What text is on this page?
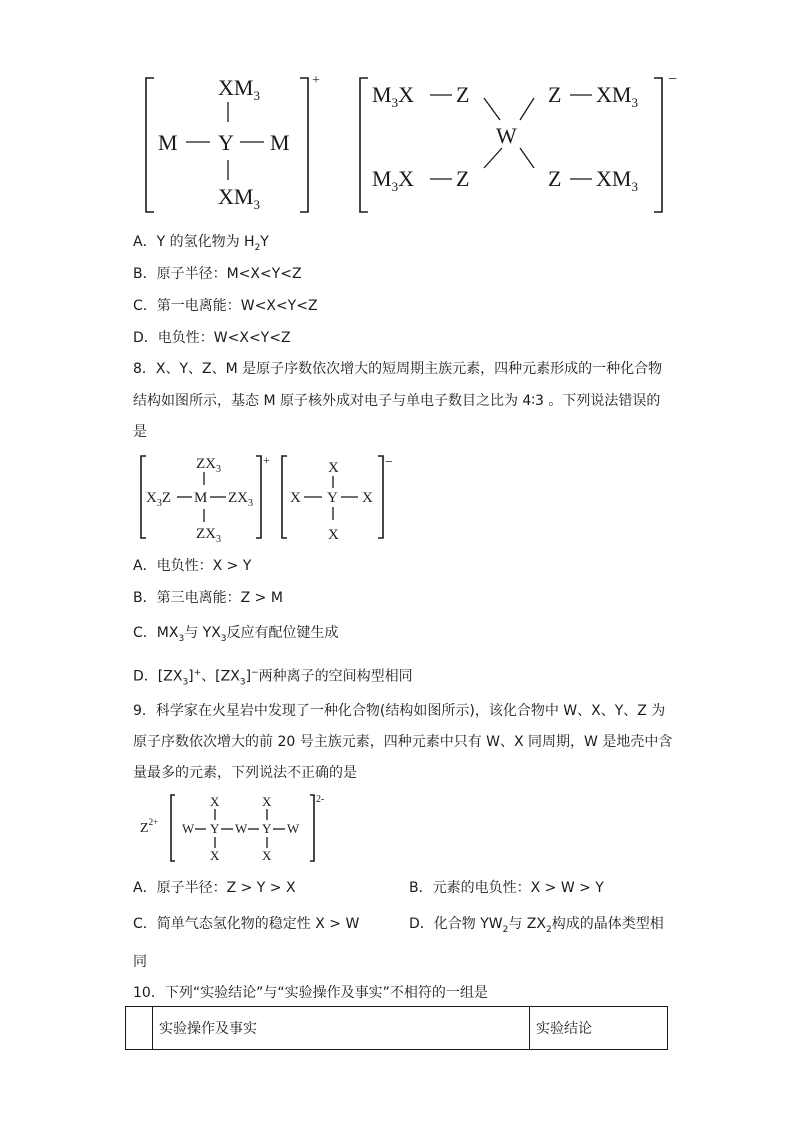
$XM_3$
M Y M
$XM_3$
+
$M_3X$ Z
W
Z $XM_3$
$M_3X$ Z	Z $XM_3$
−
A．Y 的氢化物为 $H_2Y$
B．原子半径：M<X<Y<Z
C．第一电离能：W<X<Y<Z
D．电负性：W<X<Y<Z
8．X、Y、Z、M 是原子序数依次增大的短周期主族元素，四种元素形成的一种化合物
结构如图所示，基态 M 原子核外成对电子与单电子数目之比为 4∶3 。下列说法错误的
是
$ZX_3$
$X_3Z$ M $ZX_3$
$ZX_3$
+	X
X Y X
X
−
A．电负性：X > Y
B．第三电离能：Z > M
C．$MX_3$与 $YX_3$反应有配位键生成
D．$[ZX_3]^+$、$[ZX_3]^-$两种离子的空间构型相同
9．科学家在火星岩中发现了一种化合物(结构如图所示)，该化合物中 W、X、Y、Z 为
原子序数依次增大的前 20 号主族元素，四种元素中只有 W、X 同周期，W 是地壳中含
量最多的元素，下列说法不正确的是
$Z^{2+}$
2-
X	X
W Y W Y W
X	X
A．原子半径：Z > Y > X	B．元素的电负性：X > W > Y
C．简单气态氢化物的稳定性 X > W	D．化合物 $YW_2$与 $ZX_2$构成的晶体类型相
同
10．下列“实验结论”与“实验操作及事实”不相符的一组是
	实验操作及事实	实验结论
